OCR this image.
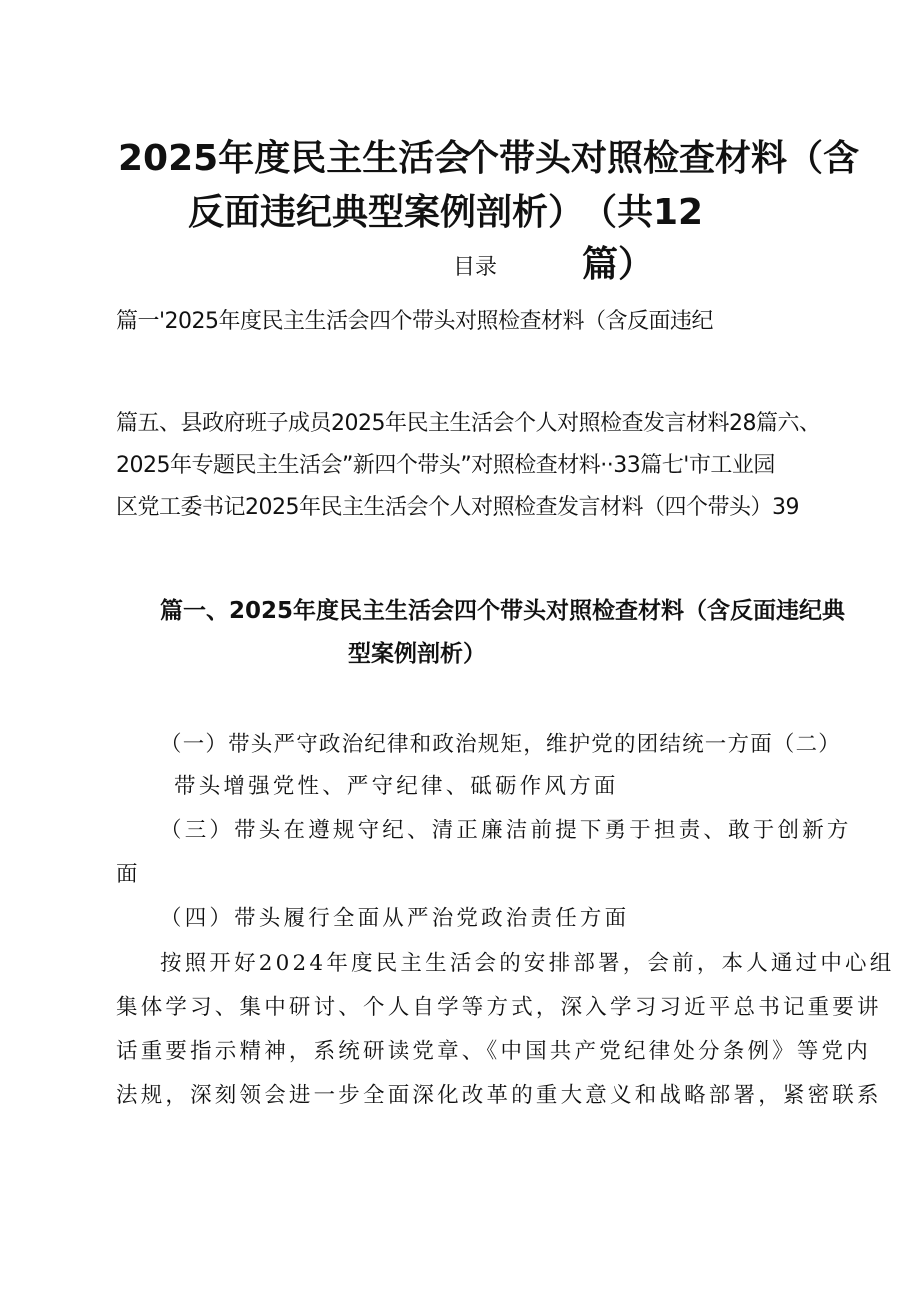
2025年度民主生活会
个带头对照检查材料（含
反面违纪典型案例剖析）
（共12
目录 篇）
篇一'2025年度民主生活会四个带头对照检查材料（含反面违纪
篇五、县政府班子成员2025年民主生活会个人对照检查发言材料28篇六、
2025年专题民主生活会”新四个带头”对照检查材料··33篇七'市工业园
区党工委书记2025年民主生活会个人对照检查发言材料（四个带头）39
篇一、2025年度民主生活会四个带头对照检查材料（含反面违纪典
型案例剖析）
（一）带头严守政治纪律和政治规矩，维护党的团结统一方面（二）
带头增强党性、严守纪律、砥砺作风方面
（三）带头在遵规守纪、清正廉洁前提下勇于担责、敢于创新方
面
（四）带头履行全面从严治党政治责任方面
按照开好2024年度民主生活会的安排部署，会前，本人通过中心组
集体学习、集中研讨、个人自学等方式，深入学习习近平总书记重要讲
话重要指示精神，系统研读党章、《中国共产党纪律处分条例》等党内
法规，深刻领会进一步全面深化改革的重大意义和战略部署，紧密联系
